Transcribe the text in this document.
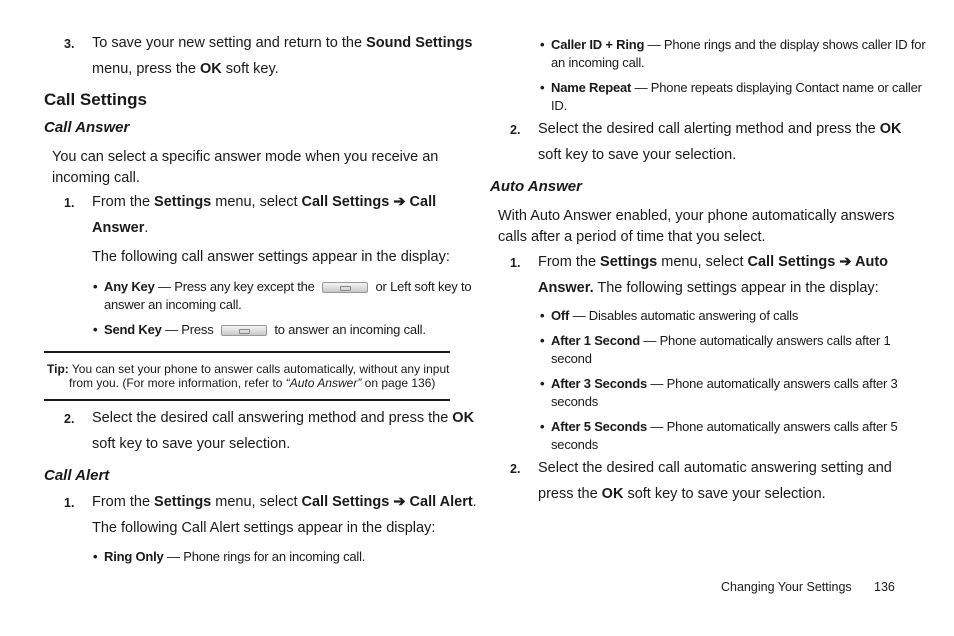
3. To save your new setting and return to the Sound Settings
menu, press the OK soft key.
Call Settings
Call Answer
You can select a specific answer mode when you receive an
incoming call.
1. From the Settings menu, select Call Settings ➔ Call
Answer.
The following call answer settings appear in the display:
• Any Key — Press any key except the	or Left soft key to
answer an incoming call.
• Send Key — Press	to answer an incoming call.
Tip: You can set your phone to answer calls automatically, without any input
from you. (For more information, refer to “Auto Answer” on page 136)
2. Select the desired call answering method and press the OK
soft key to save your selection.
Call Alert
1. From the Settings menu, select Call Settings ➔ Call Alert.
The following Call Alert settings appear in the display:
• Ring Only — Phone rings for an incoming call.
• Caller ID + Ring — Phone rings and the display shows caller ID for
an incoming call.
• Name Repeat — Phone repeats displaying Contact name or caller
ID.
2. Select the desired call alerting method and press the OK
soft key to save your selection.
Auto Answer
With Auto Answer enabled, your phone automatically answers
calls after a period of time that you select.
1. From the Settings menu, select Call Settings ➔ Auto
Answer. The following settings appear in the display:
• Off — Disables automatic answering of calls
• After 1 Second — Phone automatically answers calls after 1
second
• After 3 Seconds — Phone automatically answers calls after 3
seconds
• After 5 Seconds — Phone automatically answers calls after 5
seconds
2. Select the desired call automatic answering setting and
press the OK soft key to save your selection.
Changing Your Settings 136
